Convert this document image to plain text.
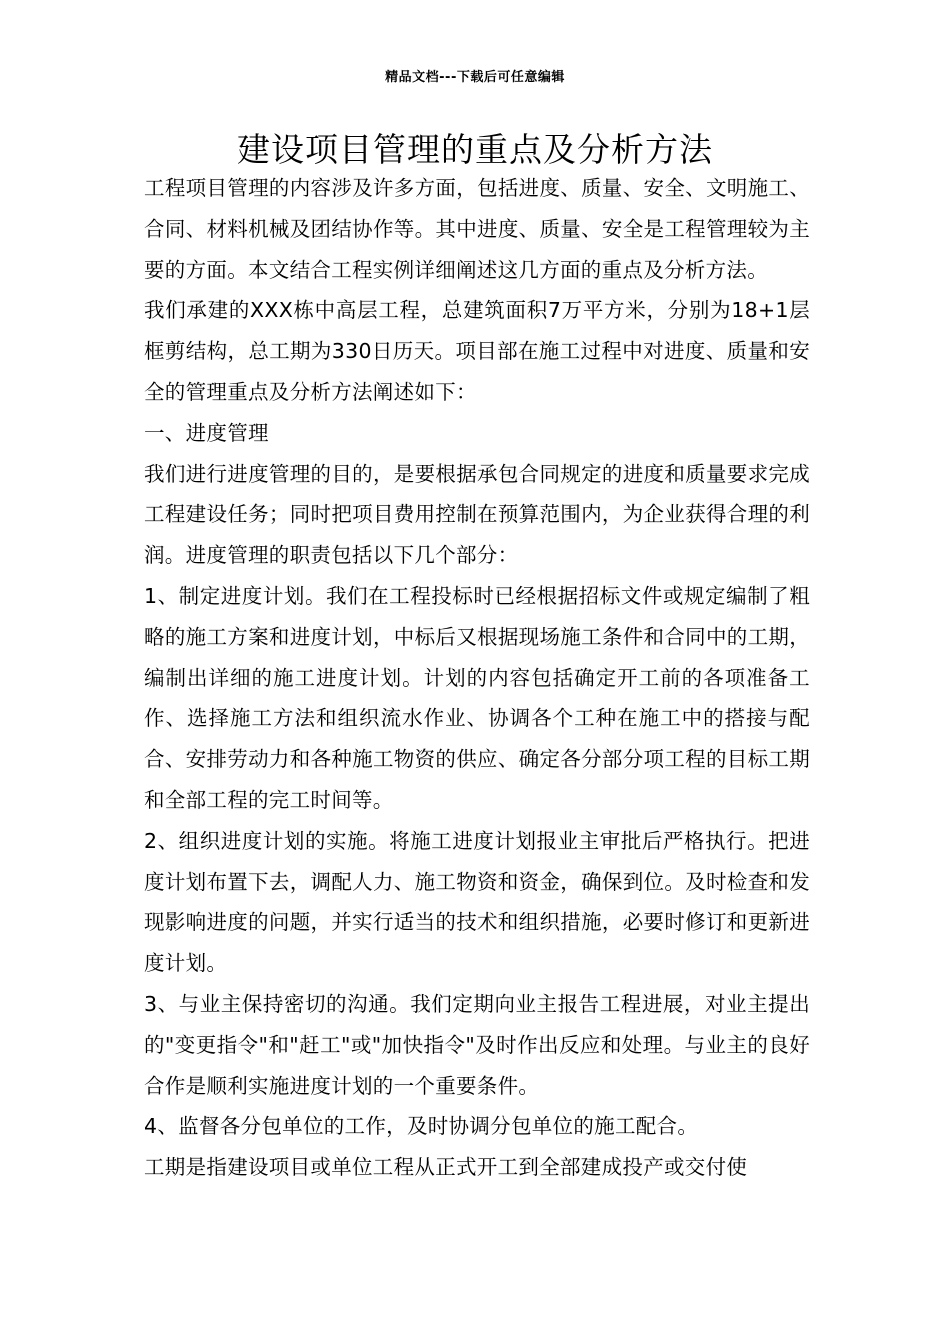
精品文档---下载后可任意编辑
建设项目管理的重点及分析方法

工程项目管理的内容涉及许多方面，包括进度、质量、安全、文明施工、合同、材料机械及团结协作等。其中进度、质量、安全是工程管理较为主要的方面。本文结合工程实例详细阐述这几方面的重点及分析方法。

我们承建的XXX栋中高层工程，总建筑面积7万平方米，分别为18+1层框剪结构，总工期为330日历天。项目部在施工过程中对进度、质量和安全的管理重点及分析方法阐述如下：

一、进度管理

我们进行进度管理的目的，是要根据承包合同规定的进度和质量要求完成工程建设任务；同时把项目费用控制在预算范围内，为企业获得合理的利润。进度管理的职责包括以下几个部分：

1、制定进度计划。我们在工程投标时已经根据招标文件或规定编制了粗略的施工方案和进度计划，中标后又根据现场施工条件和合同中的工期，编制出详细的施工进度计划。计划的内容包括确定开工前的各项准备工作、选择施工方法和组织流水作业、协调各个工种在施工中的搭接与配合、安排劳动力和各种施工物资的供应、确定各分部分项工程的目标工期和全部工程的完工时间等。

2、组织进度计划的实施。将施工进度计划报业主审批后严格执行。把进度计划布置下去，调配人力、施工物资和资金，确保到位。及时检查和发现影响进度的问题，并实行适当的技术和组织措施，必要时修订和更新进度计划。

3、与业主保持密切的沟通。我们定期向业主报告工程进展，对业主提出的"变更指令"和"赶工"或"加快指令"及时作出反应和处理。与业主的良好合作是顺利实施进度计划的一个重要条件。

4、监督各分包单位的工作，及时协调分包单位的施工配合。

工期是指建设项目或单位工程从正式开工到全部建成投产或交付使
